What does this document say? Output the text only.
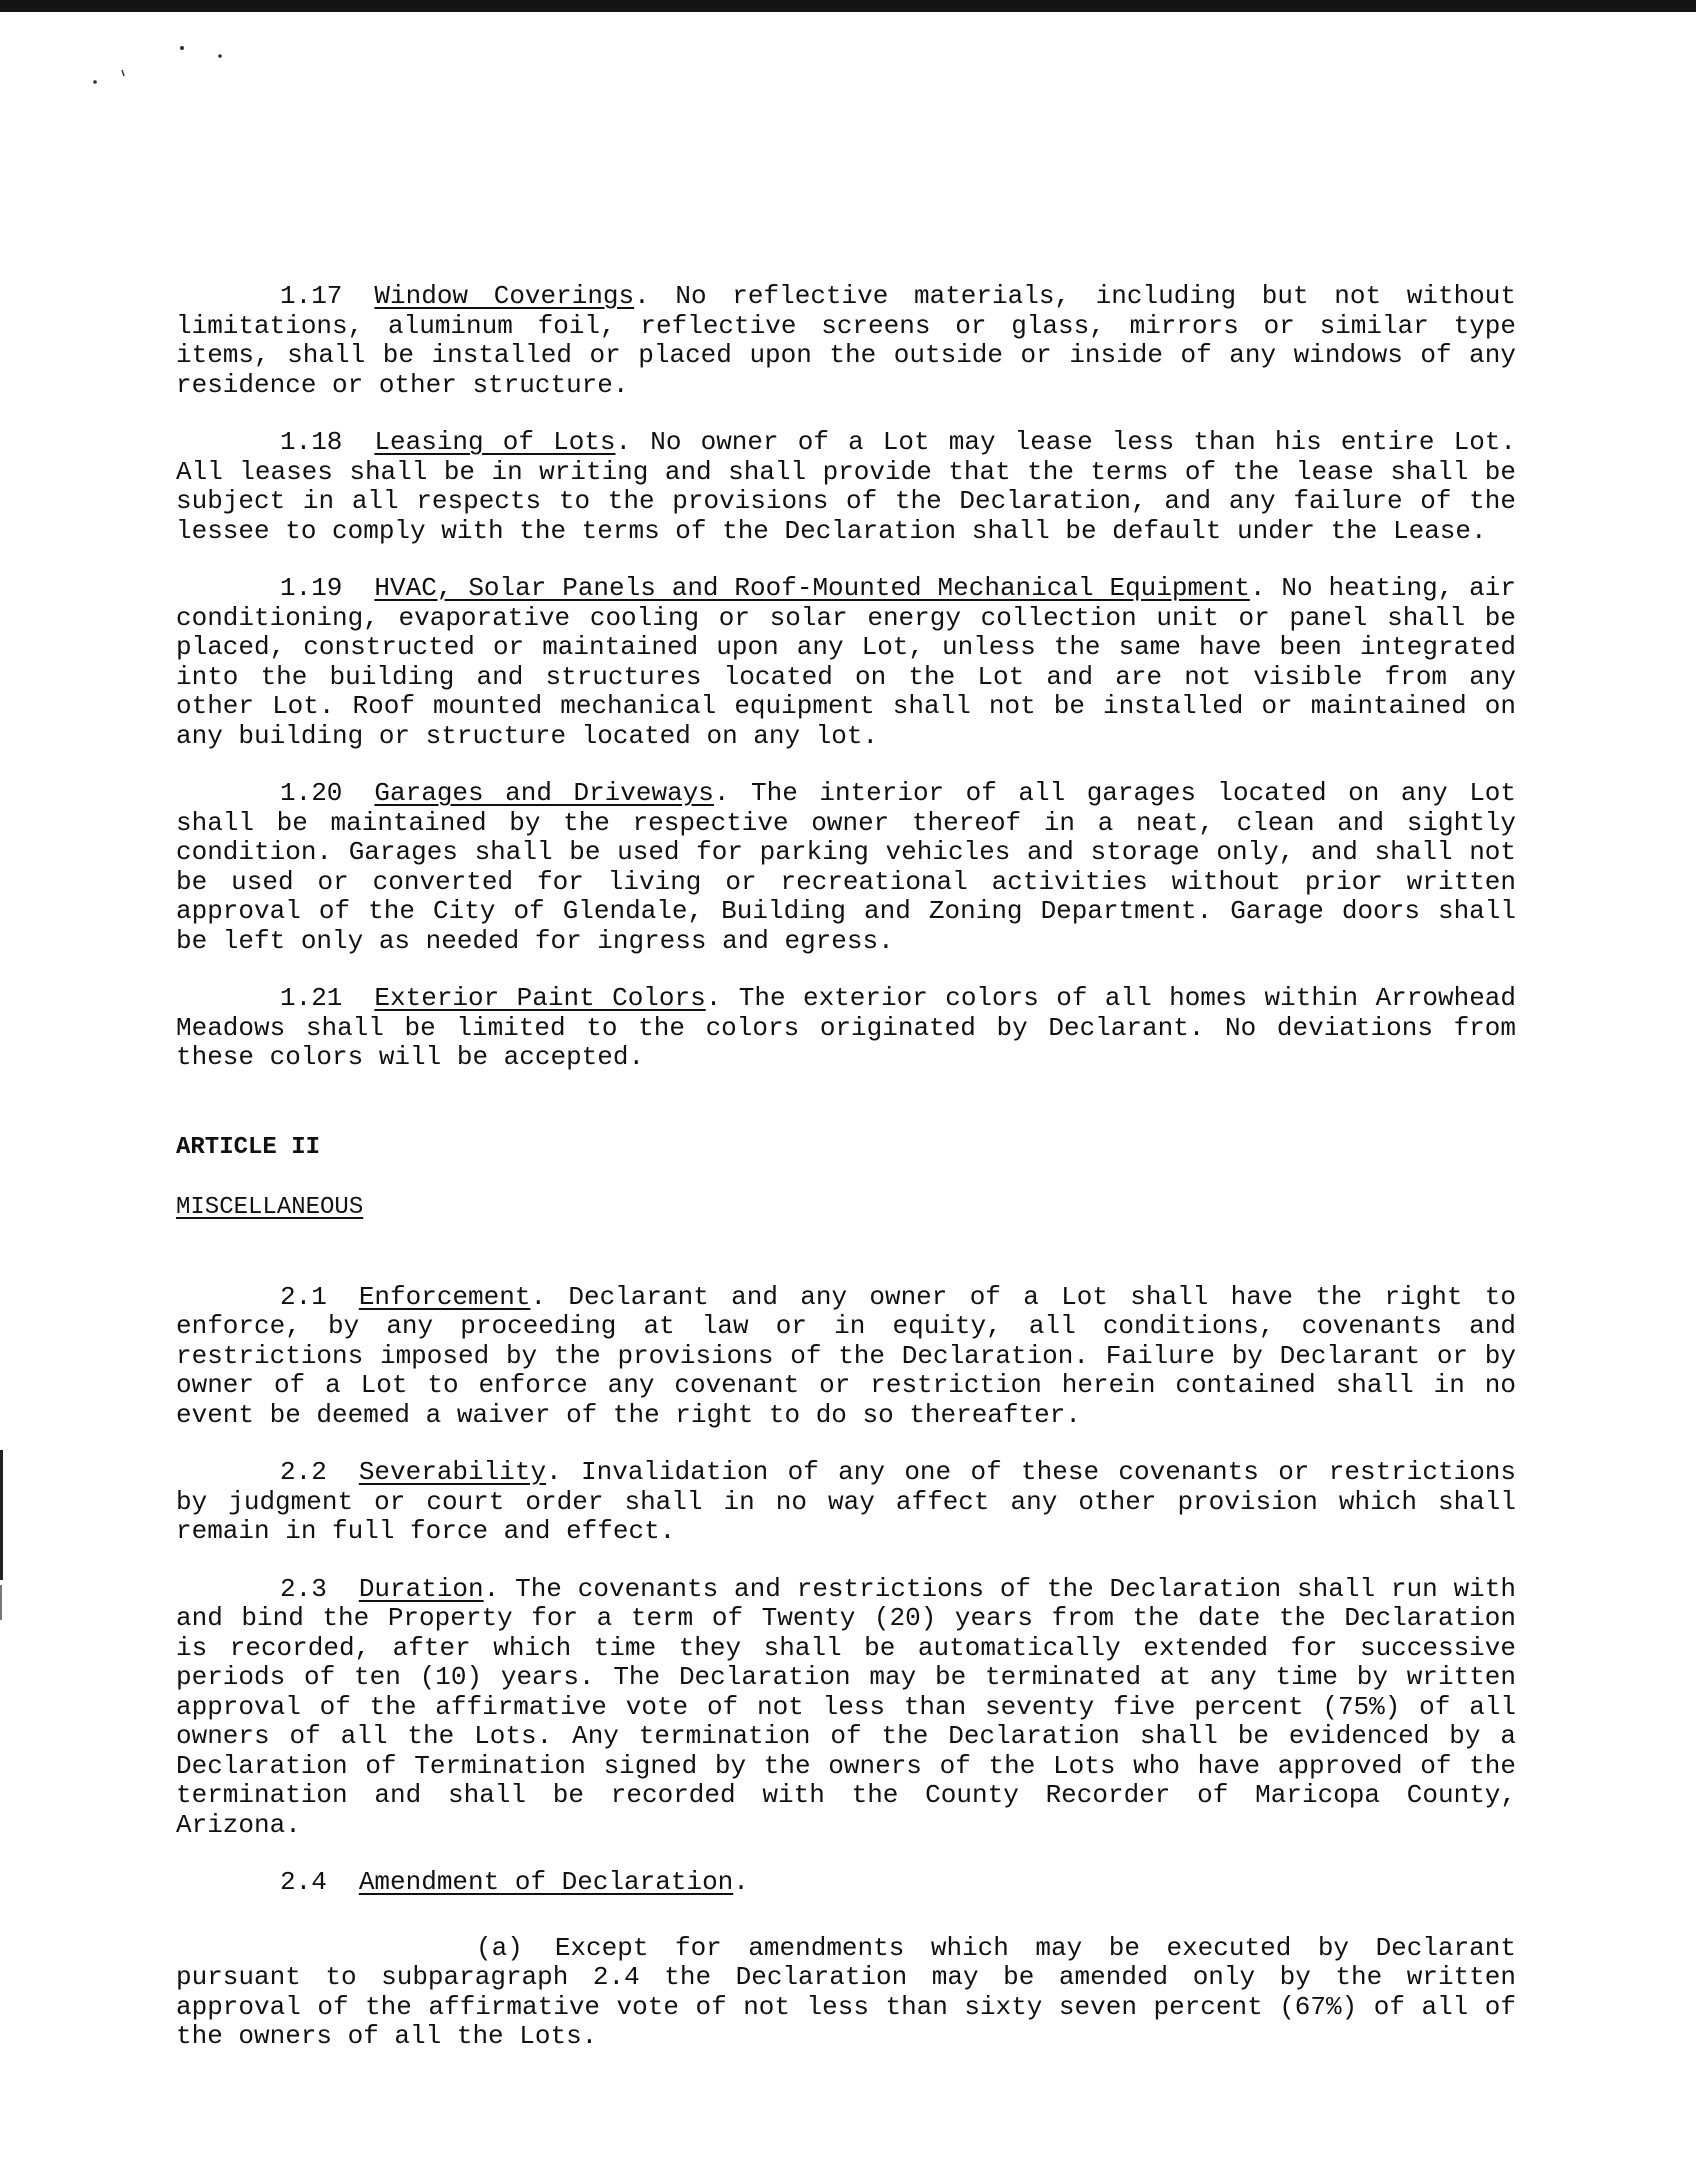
1.17 Window Coverings. No reflective materials, including but not without limitations, aluminum foil, reflective screens or glass, mirrors or similar type items, shall be installed or placed upon the outside or inside of any windows of any residence or other structure.

1.18 Leasing of Lots. No owner of a Lot may lease less than his entire Lot. All leases shall be in writing and shall provide that the terms of the lease shall be subject in all respects to the provisions of the Declaration, and any failure of the lessee to comply with the terms of the Declaration shall be default under the Lease.

1.19 HVAC, Solar Panels and Roof-Mounted Mechanical Equipment. No heating, air conditioning, evaporative cooling or solar energy collection unit or panel shall be placed, constructed or maintained upon any Lot, unless the same have been integrated into the building and structures located on the Lot and are not visible from any other Lot. Roof mounted mechanical equipment shall not be installed or maintained on any building or structure located on any lot.

1.20 Garages and Driveways. The interior of all garages located on any Lot shall be maintained by the respective owner thereof in a neat, clean and sightly condition. Garages shall be used for parking vehicles and storage only, and shall not be used or converted for living or recreational activities without prior written approval of the City of Glendale, Building and Zoning Department. Garage doors shall be left only as needed for ingress and egress.

1.21 Exterior Paint Colors. The exterior colors of all homes within Arrowhead Meadows shall be limited to the colors originated by Declarant. No deviations from these colors will be accepted.

ARTICLE II

MISCELLANEOUS

2.1 Enforcement. Declarant and any owner of a Lot shall have the right to enforce, by any proceeding at law or in equity, all conditions, covenants and restrictions imposed by the provisions of the Declaration. Failure by Declarant or by owner of a Lot to enforce any covenant or restriction herein contained shall in no event be deemed a waiver of the right to do so thereafter.

2.2 Severability. Invalidation of any one of these covenants or restrictions by judgment or court order shall in no way affect any other provision which shall remain in full force and effect.

2.3 Duration. The covenants and restrictions of the Declaration shall run with and bind the Property for a term of Twenty (20) years from the date the Declaration is recorded, after which time they shall be automatically extended for successive periods of ten (10) years. The Declaration may be terminated at any time by written approval of the affirmative vote of not less than seventy five percent (75%) of all owners of all the Lots. Any termination of the Declaration shall be evidenced by a Declaration of Termination signed by the owners of the Lots who have approved of the termination and shall be recorded with the County Recorder of Maricopa County, Arizona.

2.4 Amendment of Declaration.

(a) Except for amendments which may be executed by Declarant pursuant to subparagraph 2.4 the Declaration may be amended only by the written approval of the affirmative vote of not less than sixty seven percent (67%) of all of the owners of all the Lots.
